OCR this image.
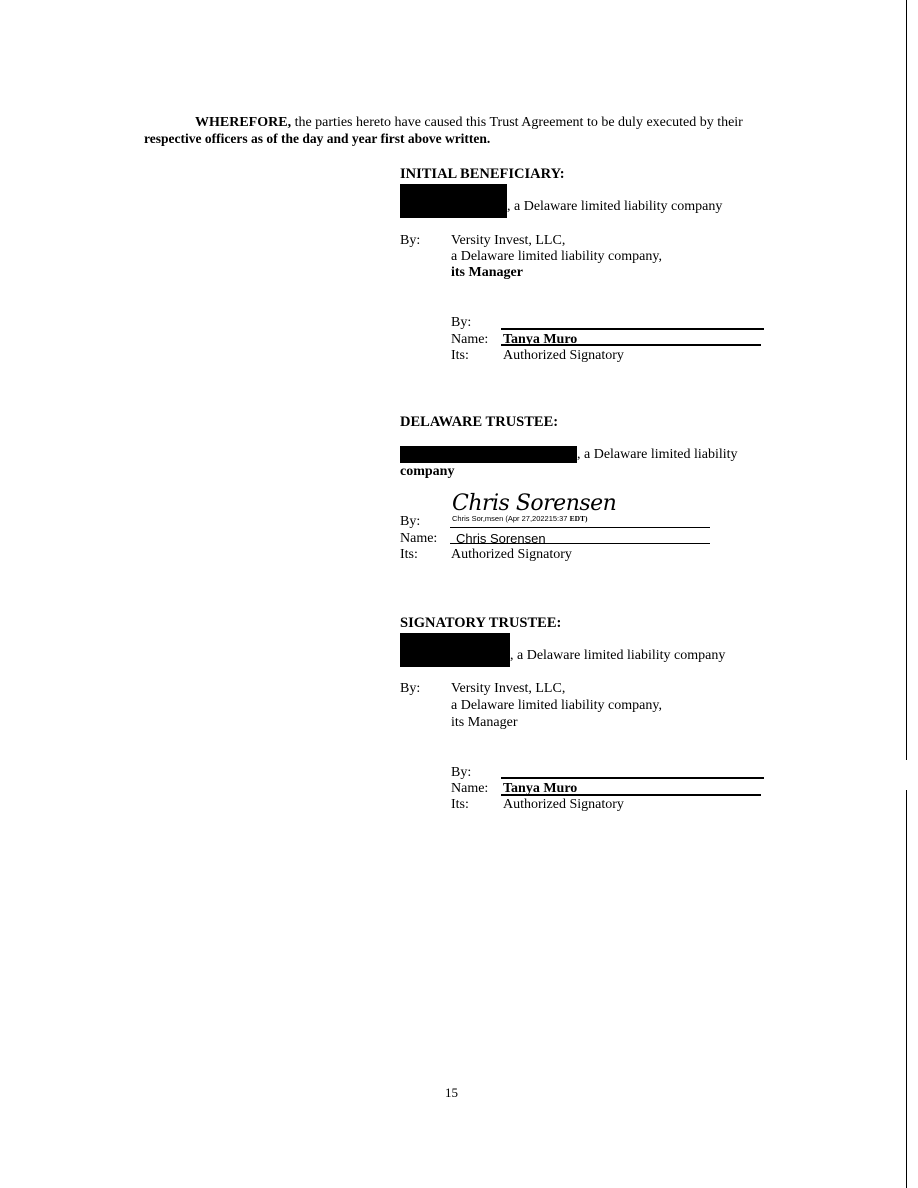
WHEREFORE, the parties hereto have caused this Trust Agreement to be duly executed by their
respective officers as of the day and year first above written.
INITIAL BENEFICIARY:
, a Delaware limited liability company
By: Versity Invest, LLC,
a Delaware limited liability company,
its Manager
By:
Name: Tanya Muro
Its: Authorized Signatory
DELAWARE TRUSTEE:
, a Delaware limited liability
company
Chris Sorensen
Chris Sor,msen (Apr 27,202215:37 EDT)
By:
Name: Chris Sorensen
Its: Authorized Signatory
SIGNATORY TRUSTEE:
, a Delaware limited liability company
By: Versity Invest, LLC,
a Delaware limited liability company,
its Manager
By:
Name: Tanya Muro
Its: Authorized Signatory
15
